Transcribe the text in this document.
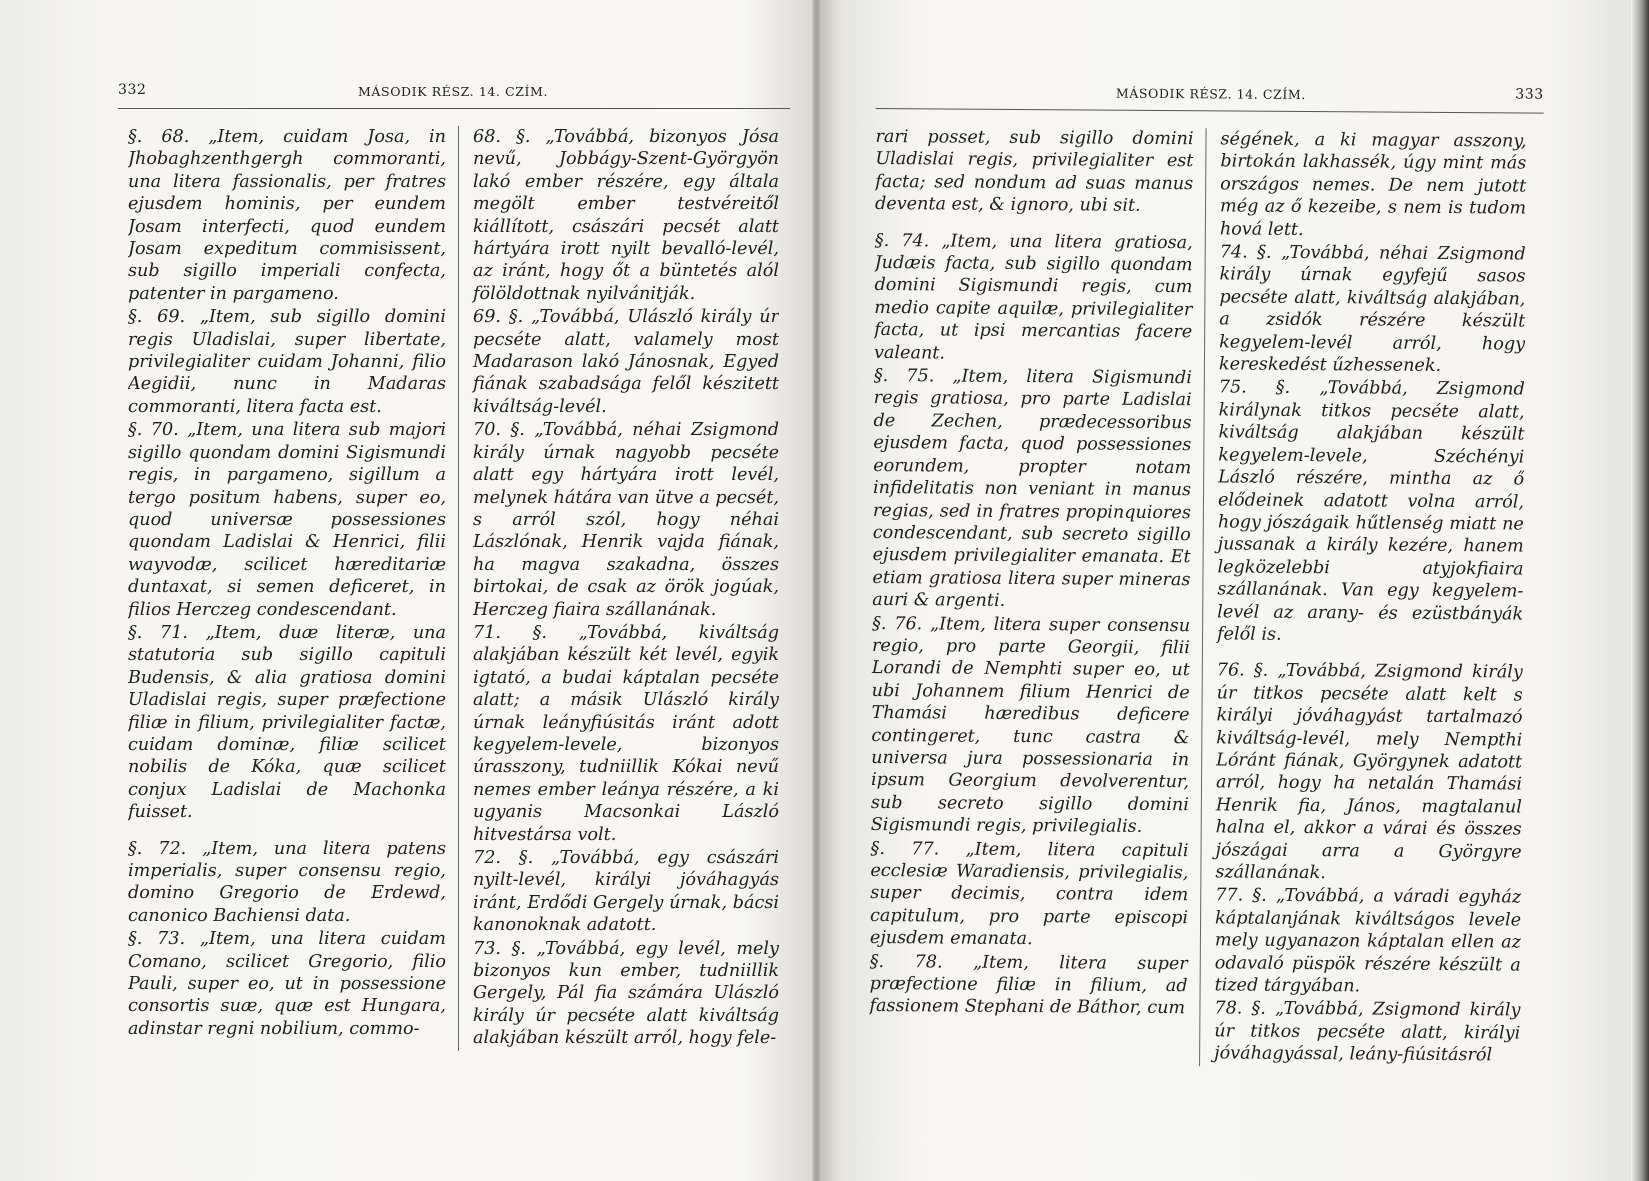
332	MÁSODIK RÉSZ. 14. CZÍM.

§. 68. „Item, cuidam Josa, in Jhobaghzenthgergh commoranti, una litera fassionalis, per fratres ejusdem hominis, per eundem Josam interfecti, quod eundem Josam expeditum commisissent, sub sigillo imperiali confecta, patenter in pargameno.

§. 69. „Item, sub sigillo domini regis Uladislai, super libertate, privilegialiter cuidam Johanni, filio Aegidii, nunc in Madaras commoranti, litera facta est.

§. 70. „Item, una litera sub majori sigillo quondam domini Sigismundi regis, in pargameno, sigillum a tergo positum habens, super eo, quod universæ possessiones quondam Ladislai & Henrici, filii wayvodæ, scilicet hæreditariæ duntaxat, si semen deficeret, in filios Herczeg condescendant.

§. 71. „Item, duæ literæ, una statutoria sub sigillo capituli Budensis, & alia gratiosa domini Uladislai regis, super præfectione filiæ in filium, privilegialiter factæ, cuidam dominæ, filiæ scilicet nobilis de Kóka, quæ scilicet conjux Ladislai de Machonka fuisset.

§. 72. „Item, una litera patens imperialis, super consensu regio, domino Gregorio de Erdewd, canonico Bachiensi data.

§. 73. „Item, una litera cuidam Comano, scilicet Gregorio, filio Pauli, super eo, ut in possessione consortis suæ, quæ est Hungara, adinstar regni nobilium, commo-

68. §. „Továbbá, bizonyos Jósa nevű, Jobbágy-Szent-Györgyön lakó ember részére, egy általa megölt ember testvéreitől kiállított, császári pecsét alatt hártyára irott nyilt bevalló-levél, az iránt, hogy őt a büntetés alól fölöldottnak nyilvánitják.

69. §. „Továbbá, Ulászló király úr pecséte alatt, valamely most Madarason lakó Jánosnak, Egyed fiának szabadsága felől készitett kiváltság-levél.

70. §. „Továbbá, néhai Zsigmond király úrnak nagyobb pecséte alatt egy hártyára irott levél, melynek hátára van ütve a pecsét, s arról szól, hogy néhai Lászlónak, Henrik vajda fiának, ha magva szakadna, összes birtokai, de csak az örök jogúak, Herczeg fiaira szállanának.

71. §. „Továbbá, kiváltság alakjában készült két levél, egyik igtató, a budai káptalan pecséte alatt; a másik Ulászló király úrnak leányfiúsitás iránt adott kegyelem-levele, bizonyos úrasszony, tudniillik Kókai nevű nemes ember leánya részére, a ki ugyanis Macsonkai László hitvestársa volt.

72. §. „Továbbá, egy császári nyilt-levél, királyi jóváhagyás iránt, Erdődi Gergely úrnak, bácsi kanonoknak adatott.

73. §. „Továbbá, egy levél, mely bizonyos kun ember, tudniillik Gergely, Pál fia számára Ulászló király úr pecséte alatt kiváltság alakjában készült arról, hogy fele-

MÁSODIK RÉSZ. 14. CZÍM.	333

rari posset, sub sigillo domini Uladislai regis, privilegialiter est facta; sed nondum ad suas manus deventa est, & ignoro, ubi sit.

§. 74. „Item, una litera gratiosa, Judæis facta, sub sigillo quondam domini Sigismundi regis, cum medio capite aquilæ, privilegialiter facta, ut ipsi mercantias facere valeant.

§. 75. „Item, litera Sigismundi regis gratiosa, pro parte Ladislai de Zechen, prædecessoribus ejusdem facta, quod possessiones eorundem, propter notam infidelitatis non veniant in manus regias, sed in fratres propinquiores condescendant, sub secreto sigillo ejusdem privilegialiter emanata. Et etiam gratiosa litera super mineras auri & argenti.

§. 76. „Item, litera super consensu regio, pro parte Georgii, filii Lorandi de Nemphti super eo, ut ubi Johannem filium Henrici de Thamási hæredibus deficere contingeret, tunc castra & universa jura possessionaria in ipsum Georgium devolverentur, sub secreto sigillo domini Sigismundi regis, privilegialis.

§. 77. „Item, litera capituli ecclesiæ Waradiensis, privilegialis, super decimis, contra idem capitulum, pro parte episcopi ejusdem emanata.

§. 78. „Item, litera super præfectione filiæ in filium, ad fassionem Stephani de Báthor, cum

ségének, a ki magyar asszony, birtokán lakhassék, úgy mint más országos nemes. De nem jutott még az ő kezeibe, s nem is tudom hová lett.

74. §. „Továbbá, néhai Zsigmond király úrnak egyfejű sasos pecséte alatt, kiváltság alakjában, a zsidók részére készült kegyelem-levél arról, hogy kereskedést űzhessenek.

75. §. „Továbbá, Zsigmond királynak titkos pecséte alatt, kiváltság alakjában készült kegyelem-levele, Széchényi László részére, mintha az ő elődeinek adatott volna arról, hogy jószágaik hűtlenség miatt ne jussanak a király kezére, hanem legközelebbi atyjokfiaira szállanának. Van egy kegyelem-levél az arany- és ezüstbányák felől is.

76. §. „Továbbá, Zsigmond király úr titkos pecséte alatt kelt s királyi jóváhagyást tartalmazó kiváltság-levél, mely Nempthi Lóránt fiának, Györgynek adatott arról, hogy ha netalán Thamási Henrik fia, János, magtalanul halna el, akkor a várai és összes jószágai arra a Györgyre szállanának.

77. §. „Továbbá, a váradi egyház káptalanjának kiváltságos levele mely ugyanazon káptalan ellen az odavaló püspök részére készült a tized tárgyában.

78. §. „Továbbá, Zsigmond király úr titkos pecséte alatt, királyi jóváhagyással, leány-fiúsitásról
